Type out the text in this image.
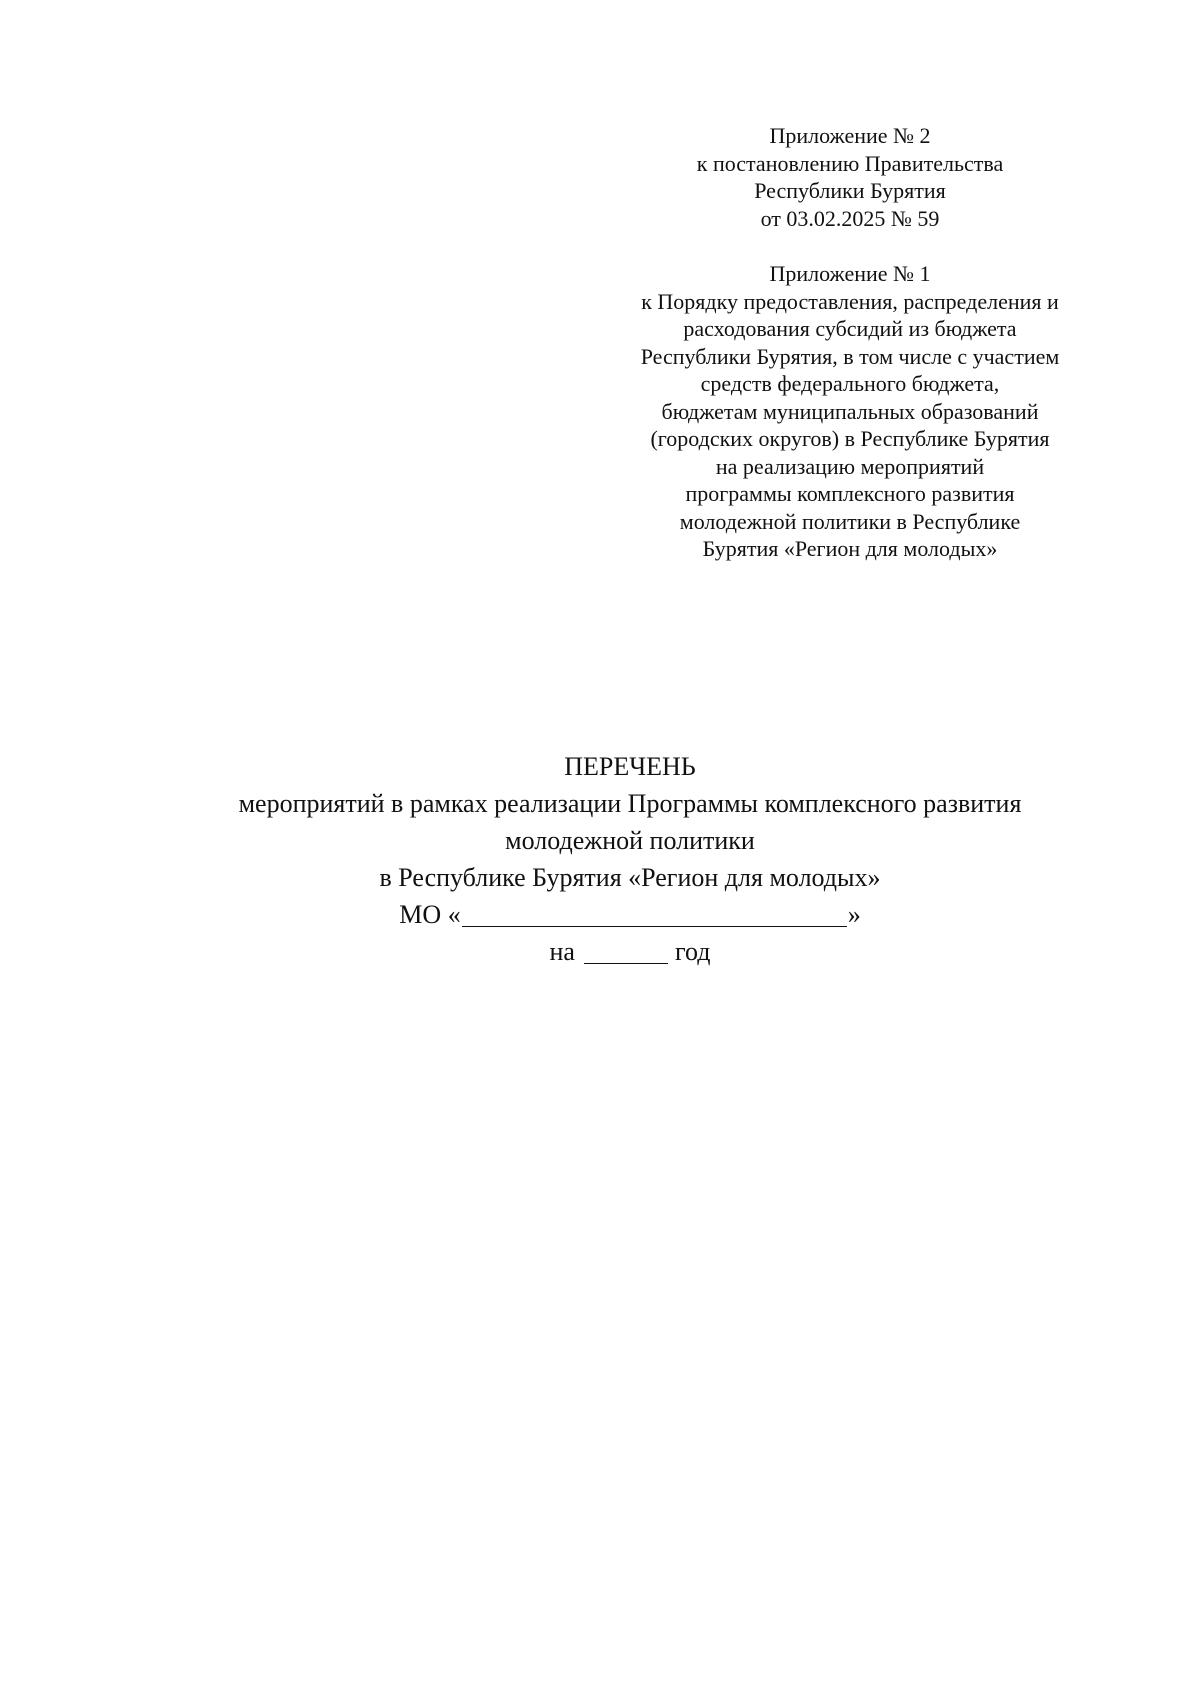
Приложение № 2
к постановлению Правительства
Республики Бурятия
от 03.02.2025 № 59
Приложение № 1
к Порядку предоставления, распределения и
расходования субсидий из бюджета
Республики Бурятия, в том числе с участием
средств федерального бюджета,
бюджетам муниципальных образований
(городских округов) в Республике Бурятия
на реализацию мероприятий
программы комплексного развития
молодежной политики в Республике
Бурятия «Регион для молодых»
ПЕРЕЧЕНЬ
мероприятий в рамках реализации Программы комплексного развития
молодежной политики
в Республике Бурятия «Регион для молодых»
МО «	»
на	год
